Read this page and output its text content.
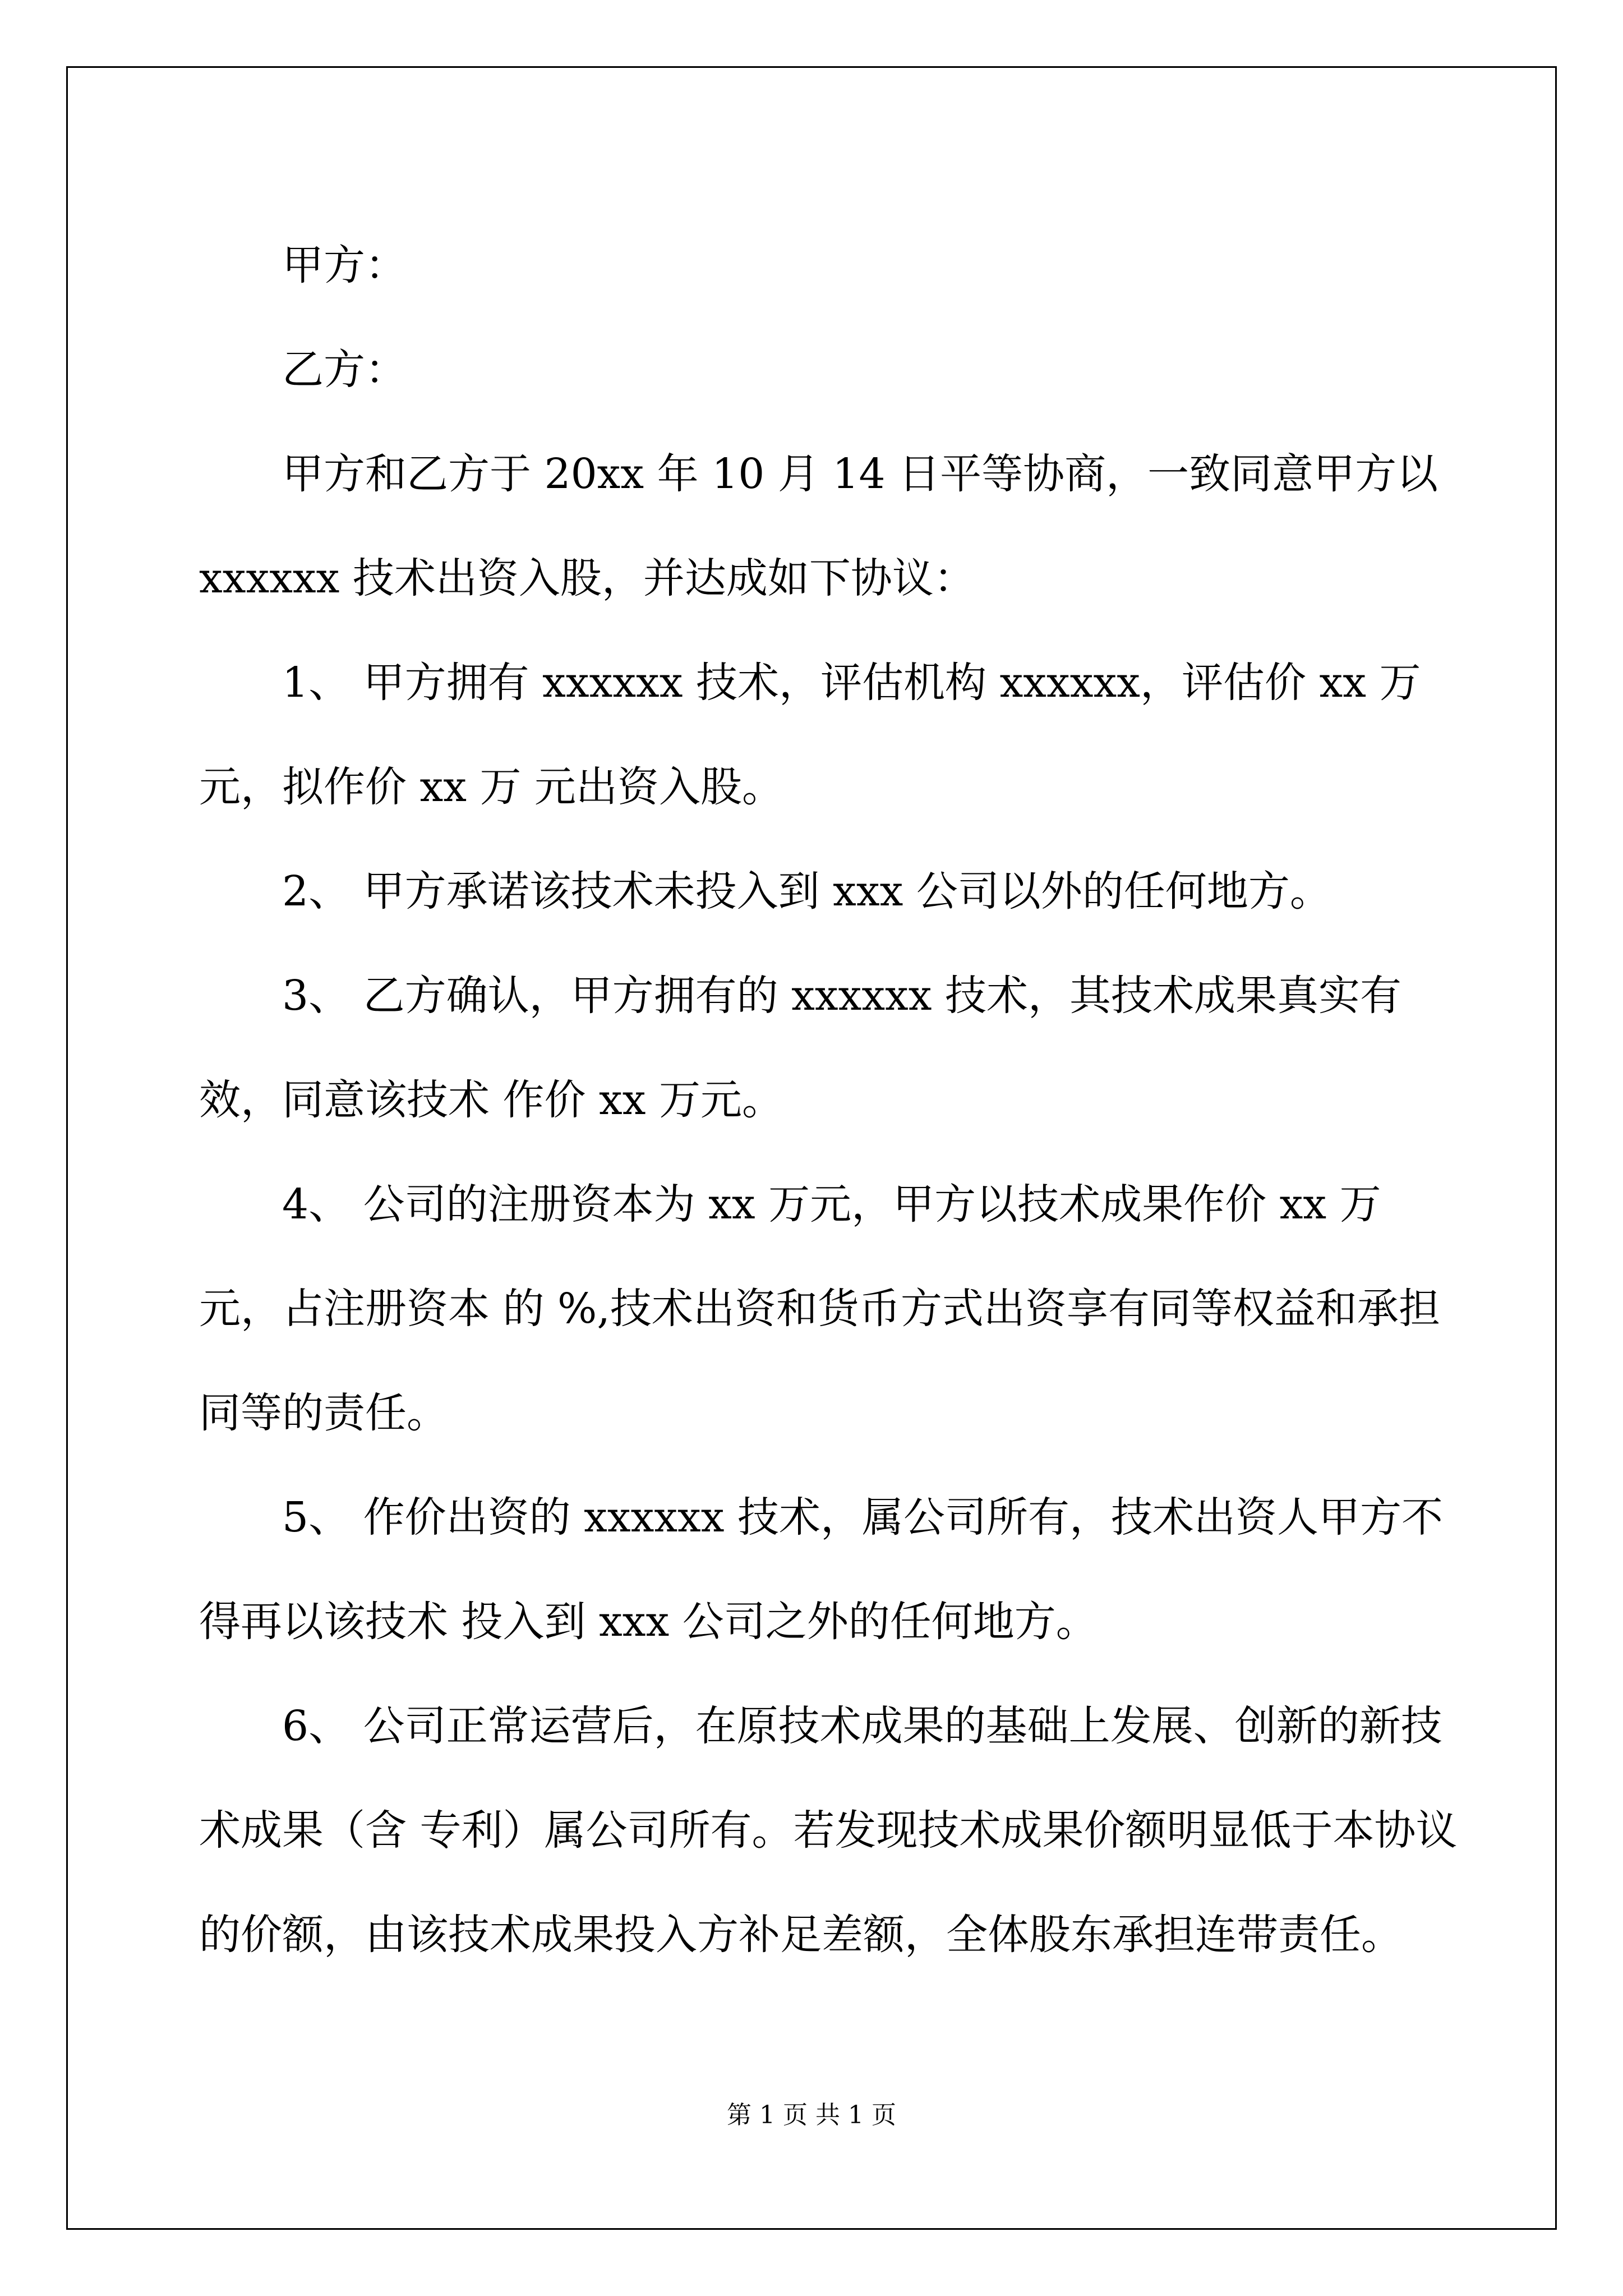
甲方：

乙方：

甲方和乙方于 20xx 年 10 月 14 日平等协商，一致同意甲方以 xxxxxx 技术出资入股，并达成如下协议：

1、 甲方拥有 xxxxxx 技术，评估机构 xxxxxx，评估价 xx 万元，拟作价 xx 万 元出资入股。

2、 甲方承诺该技术未投入到 xxx 公司以外的任何地方。

3、 乙方确认，甲方拥有的 xxxxxx 技术，其技术成果真实有效，同意该技术 作价 xx 万元。

4、 公司的注册资本为 xx 万元，甲方以技术成果作价 xx 万元，占注册资本 的 %,技术出资和货币方式出资享有同等权益和承担同等的责任。

5、 作价出资的 xxxxxx 技术，属公司所有，技术出资人甲方不得再以该技术 投入到 xxx 公司之外的任何地方。

6、 公司正常运营后，在原技术成果的基础上发展、创新的新技术成果（含 专利）属公司所有。若发现技术成果价额明显低于本协议的价额，由该技术成果投入方补足差额，全体股东承担连带责任。

第 1 页 共 1 页
